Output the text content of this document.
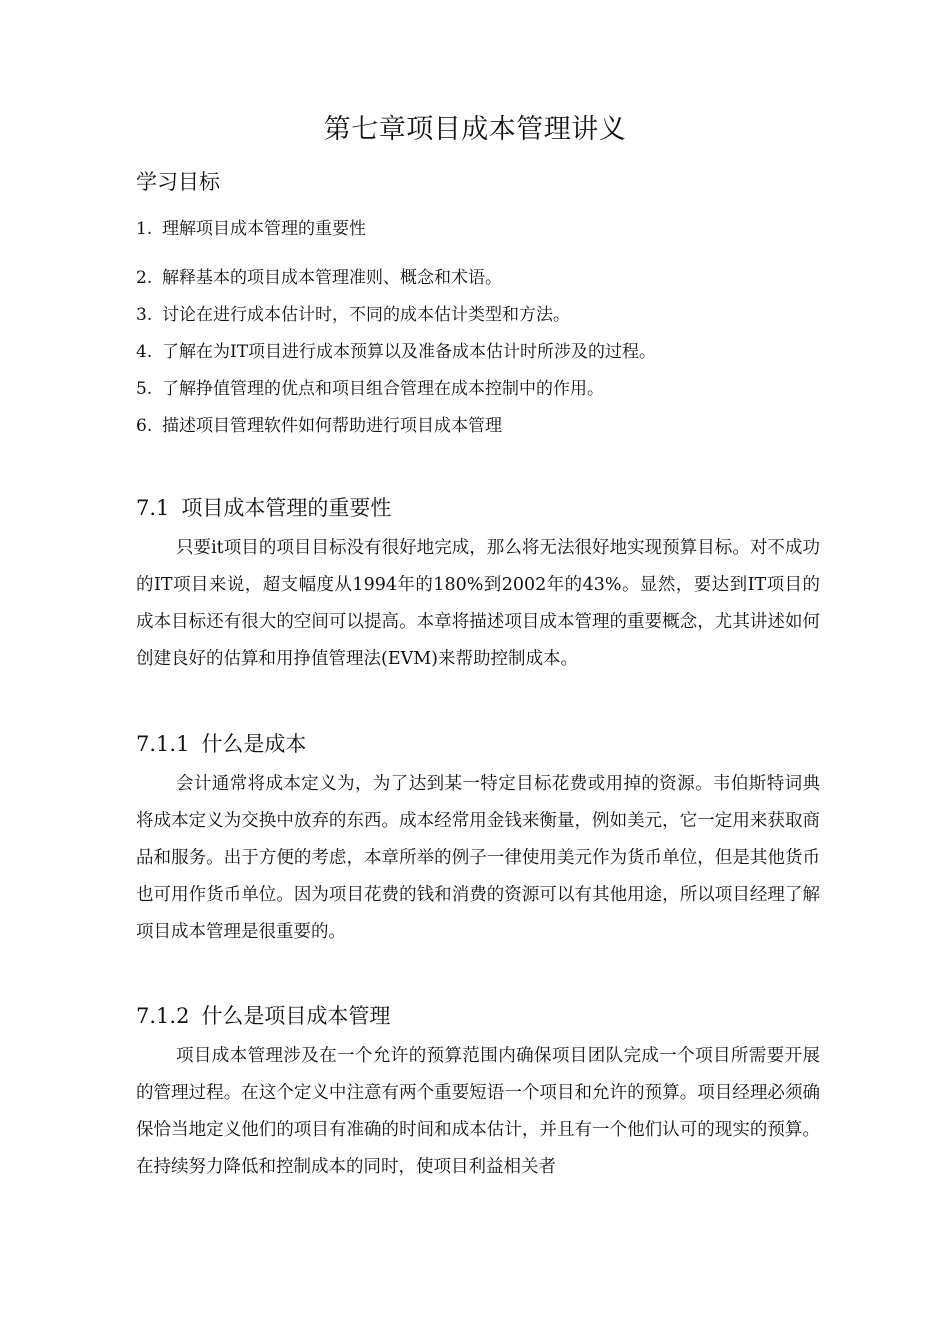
第七章项目成本管理讲义
学习目标
1. 理解项目成本管理的重要性
2. 解释基本的项目成本管理准则、概念和术语。
3. 讨论在进行成本估计时，不同的成本估计类型和方法。
4. 了解在为IT项目进行成本预算以及准备成本估计时所涉及的过程。
5. 了解挣值管理的优点和项目组合管理在成本控制中的作用。
6. 描述项目管理软件如何帮助进行项目成本管理
7.1 项目成本管理的重要性

只要it项目的项目目标没有很好地完成，那么将无法很好地实现预算目标。对不成功的IT项目来说，超支幅度从1994年的180%到2002年的43%。显然，要达到IT项目的成本目标还有很大的空间可以提高。本章将描述项目成本管理的重要概念，尤其讲述如何创建良好的估算和用挣值管理法(EVM)来帮助控制成本。

7.1.1 什么是成本

会计通常将成本定义为，为了达到某一特定目标花费或用掉的资源。韦伯斯特词典将成本定义为交换中放弃的东西。成本经常用金钱来衡量，例如美元，它一定用来获取商品和服务。出于方便的考虑，本章所举的例子一律使用美元作为货币单位，但是其他货币也可用作货币单位。因为项目花费的钱和消费的资源可以有其他用途，所以项目经理了解项目成本管理是很重要的。

7.1.2 什么是项目成本管理

项目成本管理涉及在一个允许的预算范围内确保项目团队完成一个项目所需要开展的管理过程。在这个定义中注意有两个重要短语一个项目和允许的预算。项目经理必须确保恰当地定义他们的项目有准确的时间和成本估计，并且有一个他们认可的现实的预算。在持续努力降低和控制成本的同时，使项目利益相关者
